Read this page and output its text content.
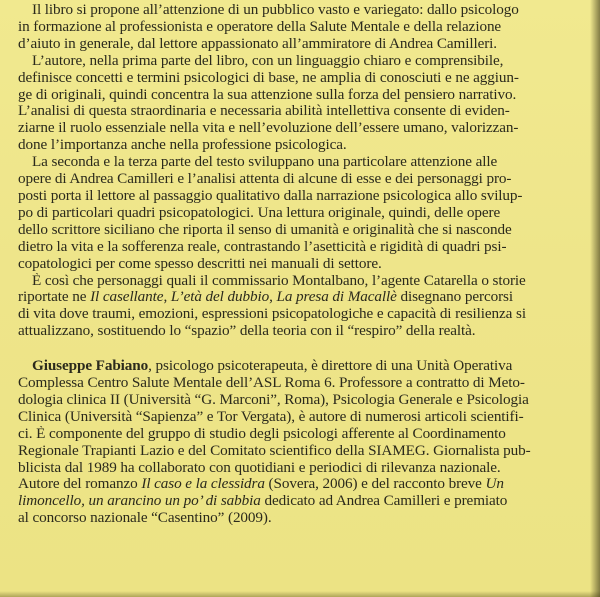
Il libro si propone all’attenzione di un pubblico vasto e variegato: dallo psicologo
in formazione al professionista e operatore della Salute Mentale e della relazione
d’aiuto in generale, dal lettore appassionato all’ammiratore di Andrea Camilleri.
L’autore, nella prima parte del libro, con un linguaggio chiaro e comprensibile,
definisce concetti e termini psicologici di base, ne amplia di conosciuti e ne aggiun-
ge di originali, quindi concentra la sua attenzione sulla forza del pensiero narrativo.
L’analisi di questa straordinaria e necessaria abilità intellettiva consente di eviden-
ziarne il ruolo essenziale nella vita e nell’evoluzione dell’essere umano, valorizzan-
done l’importanza anche nella professione psicologica.
La seconda e la terza parte del testo sviluppano una particolare attenzione alle
opere di Andrea Camilleri e l’analisi attenta di alcune di esse e dei personaggi pro-
posti porta il lettore al passaggio qualitativo dalla narrazione psicologica allo svilup-
po di particolari quadri psicopatologici. Una lettura originale, quindi, delle opere
dello scrittore siciliano che riporta il senso di umanità e originalità che si nasconde
dietro la vita e la sofferenza reale, contrastando l’asetticità e rigidità di quadri psi-
copatologici per come spesso descritti nei manuali di settore.
È così che personaggi quali il commissario Montalbano, l’agente Catarella o storie
riportate ne Il casellante, L’età del dubbio, La presa di Macallè disegnano percorsi
di vita dove traumi, emozioni, espressioni psicopatologiche e capacità di resilienza si
attualizzano, sostituendo lo “spazio” della teoria con il “respiro” della realtà.
Giuseppe Fabiano, psicologo psicoterapeuta, è direttore di una Unità Operativa
Complessa Centro Salute Mentale dell’ASL Roma 6. Professore a contratto di Meto-
dologia clinica II (Università “G. Marconi”, Roma), Psicologia Generale e Psicologia
Clinica (Università “Sapienza” e Tor Vergata), è autore di numerosi articoli scientifi-
ci. È componente del gruppo di studio degli psicologi afferente al Coordinamento
Regionale Trapianti Lazio e del Comitato scientifico della SIAMEG. Giornalista pub-
blicista dal 1989 ha collaborato con quotidiani e periodici di rilevanza nazionale.
Autore del romanzo Il caso e la clessidra (Sovera, 2006) e del racconto breve Un
limoncello, un arancino un po’ di sabbia dedicato ad Andrea Camilleri e premiato
al concorso nazionale “Casentino” (2009).
